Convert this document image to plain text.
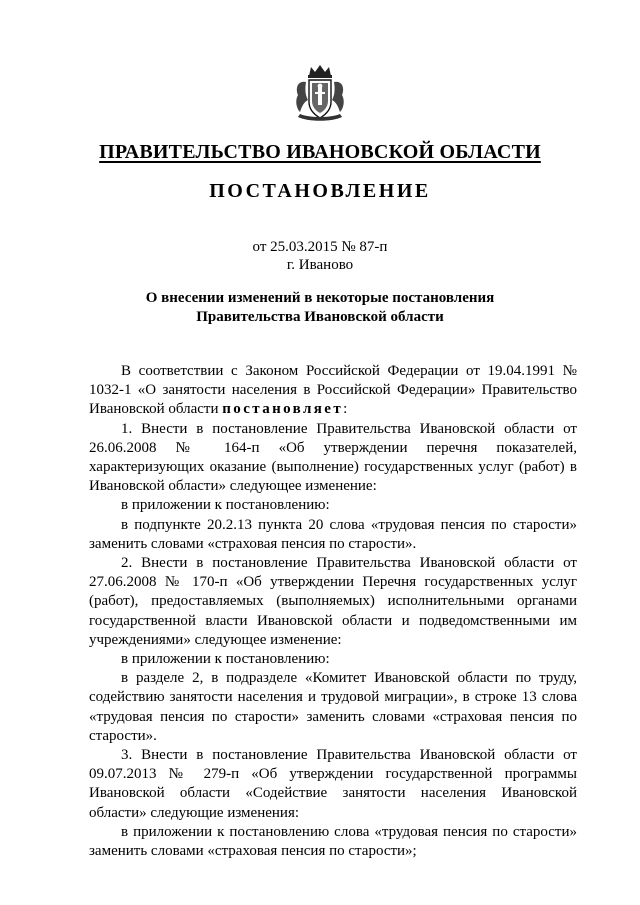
ПРАВИТЕЛЬСТВО ИВАНОВСКОЙ ОБЛАСТИ
ПОСТАНОВЛЕНИЕ
от 25.03.2015 № 87-п
г. Иваново
О внесении изменений в некоторые постановления
Правительства Ивановской области

В соответствии с Законом Российской Федерации от 19.04.1991 № 1032-1 «О занятости населения в Российской Федерации» Правительство Ивановской области постановляет:

1. Внести в постановление Правительства Ивановской области от 26.06.2008 № 164-п «Об утверждении перечня показателей, характеризующих оказание (выполнение) государственных услуг (работ) в Ивановской области» следующее изменение:

в приложении к постановлению:

в подпункте 20.2.13 пункта 20 слова «трудовая пенсия по старости» заменить словами «страховая пенсия по старости».

2. Внести в постановление Правительства Ивановской области от 27.06.2008 № 170-п «Об утверждении Перечня государственных услуг (работ), предоставляемых (выполняемых) исполнительными органами государственной власти Ивановской области и подведомственными им учреждениями» следующее изменение:

в приложении к постановлению:

в разделе 2, в подразделе «Комитет Ивановской области по труду, содействию занятости населения и трудовой миграции», в строке 13 слова «трудовая пенсия по старости» заменить словами «страховая пенсия по старости».

3. Внести в постановление Правительства Ивановской области от 09.07.2013 № 279-п «Об утверждении государственной программы Ивановской области «Содействие занятости населения Ивановской области» следующие изменения:

в приложении к постановлению слова «трудовая пенсия по старости» заменить словами «страховая пенсия по старости»;
